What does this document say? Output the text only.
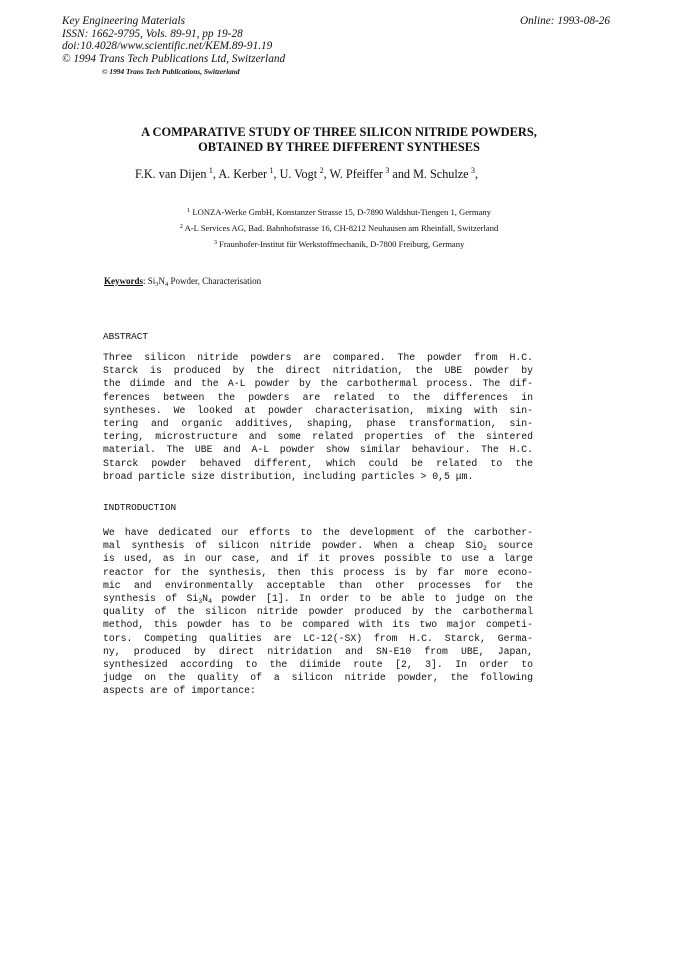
Key Engineering Materials
ISSN: 1662-9795, Vols. 89-91, pp 19-28
doi:10.4028/www.scientific.net/KEM.89-91.19
© 1994 Trans Tech Publications Ltd, Switzerland
Online: 1993-08-26
© 1994 Trans Tech Publications, Switzerland
A COMPARATIVE STUDY OF THREE SILICON NITRIDE POWDERS,
OBTAINED BY THREE DIFFERENT SYNTHESES
F.K. van Dijen  $^1$, A. Kerber  $^1$, U. Vogt  $^2$, W. Pfeiffer  $^3$ and M. Schulze  $^3$,
$^1$ LONZA-Werke GmbH, Konstanzer Strasse 15, D-7890 Waldshut-Tiengen 1, Germany
$^2$ A-L Services AG, Bad. Bahnhofstrasse 16, CH-8212 Neuhausen am Rheinfall, Switzerland
$^3$ Fraunhofer-Institut für Werkstoffmechanik, D-7800 Freiburg, Germany
Keywords: $Si_3N_4$ Powder, Characterisation
ABSTRACT
Three silicon nitride powders are compared. The powder from H.C.
Starck is produced by the direct nitridation, the UBE powder by
the diimde and the A-L powder by the carbothermal process. The dif-
ferences between the powders are related to the differences in
syntheses. We looked at powder characterisation, mixing with sin-
tering and organic additives, shaping, phase transformation, sin-
tering, microstructure and some related properties of the sintered
material. The UBE and A-L powder show similar behaviour. The H.C.
Starck powder behaved different, which could be related to the
broad particle size distribution, including particles > 0,5 μm.
INDTRODUCTION
We have dedicated our efforts to the development of the carbother-
mal synthesis of silicon nitride powder. When a cheap SiO$_2$ source
is used, as in our case, and if it proves possible to use a large
reactor for the synthesis, then this process is by far more econo-
mic and environmentally acceptable than other processes for the
synthesis of $Si_3N_4$ powder [1]. In order to be able to judge on the
quality of the silicon nitride powder produced by the carbothermal
method, this powder has to be compared with its two major competi-
tors. Competing qualities are LC-12(-SX) from H.C. Starck, Germa-
ny, produced by direct nitridation and SN-E10 from UBE, Japan,
synthesized according to the diimide route [2, 3]. In order to
judge on the quality of a silicon nitride powder, the following
aspects are of importance:
